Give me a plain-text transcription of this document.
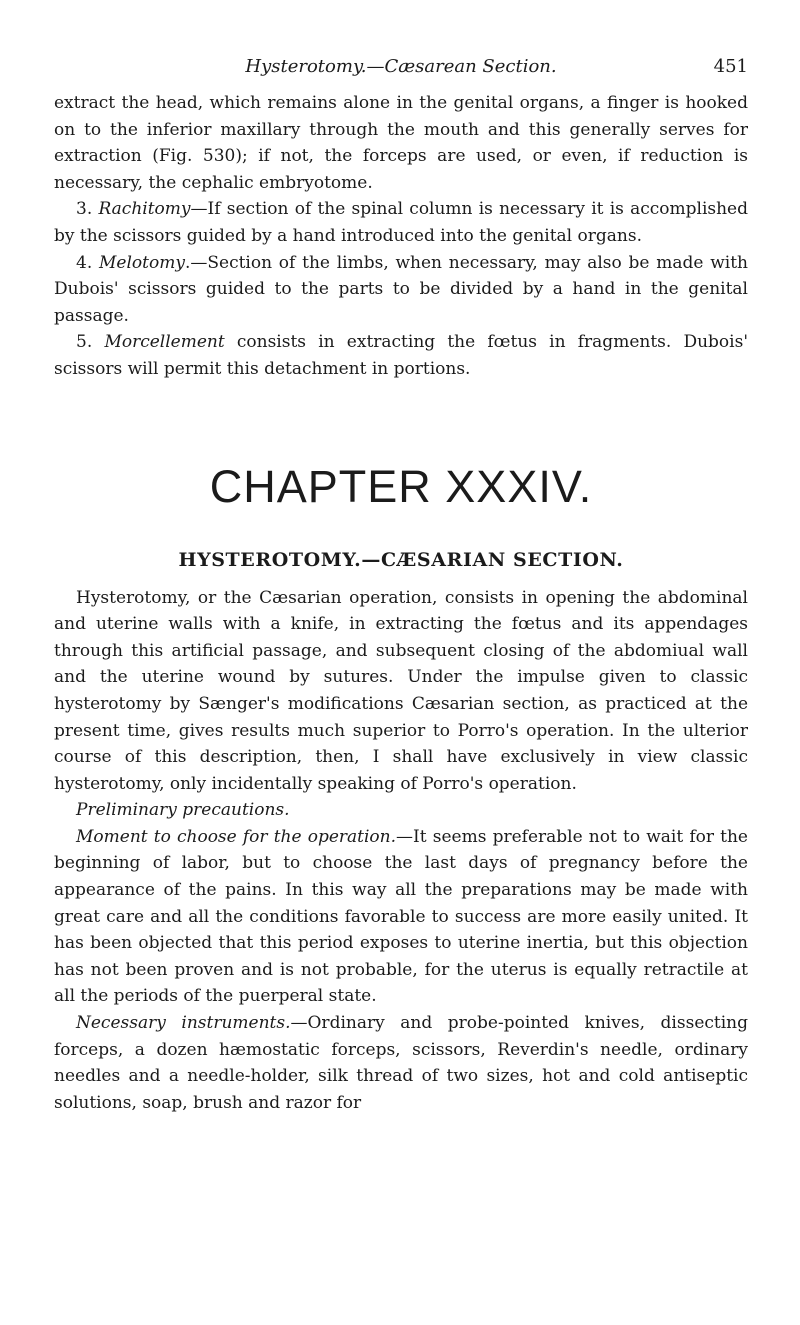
Hysterotomy.—Cæsarean Section.	451

extract the head, which remains alone in the genital organs, a finger is hooked on to the inferior maxillary through the mouth and this generally serves for extraction (Fig. 530); if not, the forceps are used, or even, if reduction is necessary, the cephalic embryotome.

3. Rachitomy—If section of the spinal column is necessary it is accomplished by the scissors guided by a hand introduced into the genital organs.

4. Melotomy.—Section of the limbs, when necessary, may also be made with Dubois' scissors guided to the parts to be divided by a hand in the genital passage.

5. Morcellement consists in extracting the fœtus in fragments. Dubois' scissors will permit this detachment in portions.

CHAPTER XXXIV.
HYSTEROTOMY.—CÆSARIAN SECTION.

Hysterotomy, or the Cæsarian operation, consists in opening the abdominal and uterine walls with a knife, in extracting the fœtus and its appendages through this artificial passage, and subsequent closing of the abdomiual wall and the uterine wound by sutures. Under the impulse given to classic hysterotomy by Sænger's modifications Cæsarian section, as practiced at the present time, gives results much superior to Porro's operation. In the ulterior course of this description, then, I shall have exclusively in view classic hysterotomy, only incidentally speaking of Porro's operation.

Preliminary precautions.

Moment to choose for the operation.—It seems preferable not to wait for the beginning of labor, but to choose the last days of pregnancy before the appearance of the pains. In this way all the preparations may be made with great care and all the conditions favorable to success are more easily united. It has been objected that this period exposes to uterine inertia, but this objection has not been proven and is not probable, for the uterus is equally retractile at all the periods of the puerperal state.

Necessary instruments.—Ordinary and probe-pointed knives, dissecting forceps, a dozen hæmostatic forceps, scissors, Reverdin's needle, ordinary needles and a needle-holder, silk thread of two sizes, hot and cold antiseptic solutions, soap, brush and razor for
